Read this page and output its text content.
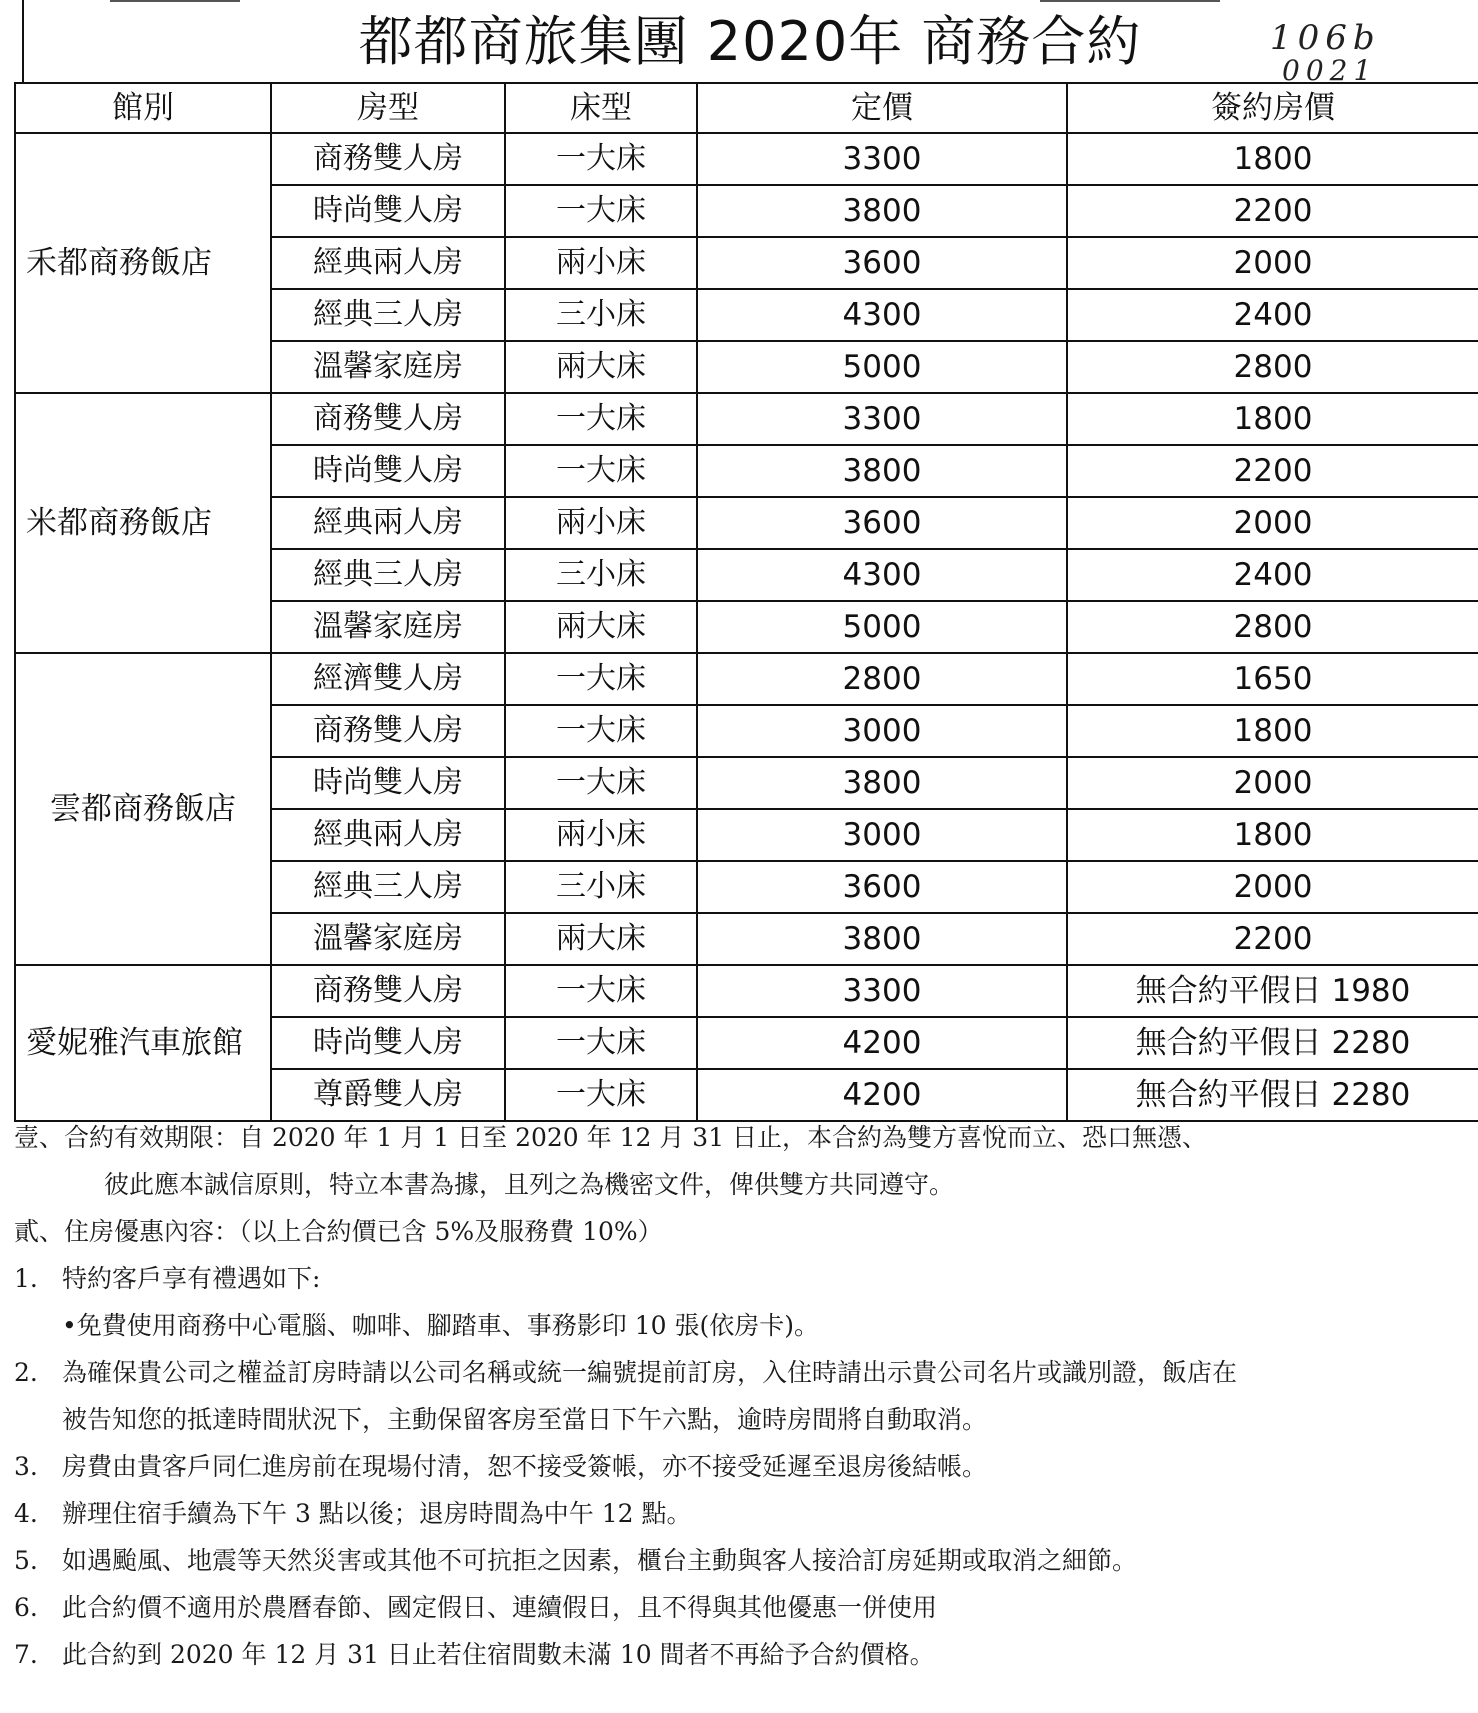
都都商旅集團 2020年 商務合約	106b
0021
館別	房型	床型	定價	簽約房價
禾都商務飯店	商務雙人房	一大床	3300	1800
	時尚雙人房	一大床	3800	2200
	經典兩人房	兩小床	3600	2000
	經典三人房	三小床	4300	2400
	溫馨家庭房	兩大床	5000	2800
米都商務飯店	商務雙人房	一大床	3300	1800
	時尚雙人房	一大床	3800	2200
	經典兩人房	兩小床	3600	2000
	經典三人房	三小床	4300	2400
	溫馨家庭房	兩大床	5000	2800
雲都商務飯店	經濟雙人房	一大床	2800	1650
	商務雙人房	一大床	3000	1800
	時尚雙人房	一大床	3800	2000
	經典兩人房	兩小床	3000	1800
	經典三人房	三小床	3600	2000
	溫馨家庭房	兩大床	3800	2200
愛妮雅汽車旅館	商務雙人房	一大床	3300	無合約平假日 1980
	時尚雙人房	一大床	4200	無合約平假日 2280
	尊爵雙人房	一大床	4200	無合約平假日 2280
壹、合約有效期限：自 2020 年 1 月 1 日至 2020 年 12 月 31 日止，本合約為雙方喜悅而立、恐口無憑、
彼此應本誠信原則，特立本書為據，且列之為機密文件，俾供雙方共同遵守。
貳、住房優惠內容：（以上合約價已含 5%及服務費 10%）
1. 特約客戶享有禮遇如下:
•免費使用商務中心電腦、咖啡、腳踏車、事務影印 10 張(依房卡)。
2. 為確保貴公司之權益訂房時請以公司名稱或統一編號提前訂房，入住時請出示貴公司名片或識別證，飯店在
被告知您的抵達時間狀況下，主動保留客房至當日下午六點，逾時房間將自動取消。
3. 房費由貴客戶同仁進房前在現場付清，恕不接受簽帳，亦不接受延遲至退房後結帳。
4. 辦理住宿手續為下午 3 點以後；退房時間為中午 12 點。
5. 如遇颱風、地震等天然災害或其他不可抗拒之因素，櫃台主動與客人接洽訂房延期或取消之細節。
6. 此合約價不適用於農曆春節、國定假日、連續假日，且不得與其他優惠一併使用
7. 此合約到 2020 年 12 月 31 日止若住宿間數未滿 10 間者不再給予合約價格。
